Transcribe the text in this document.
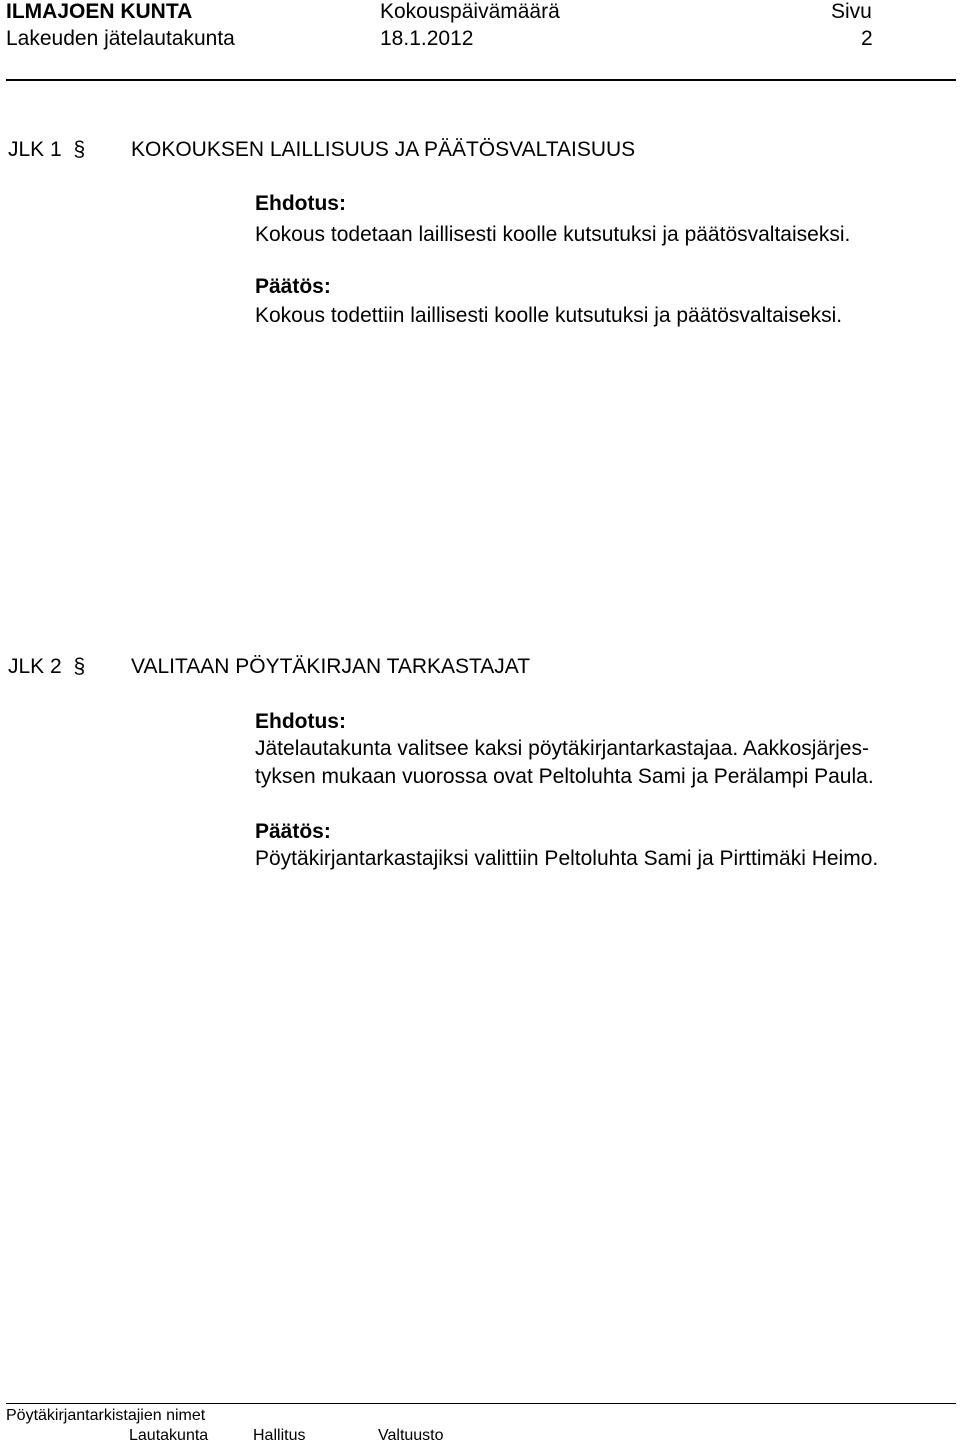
ILMAJOEN KUNTA
Lakeuden jätelautakunta
Kokouspäivämäärä
18.1.2012
Sivu
2
JLK 1 § KOKOUKSEN LAILLISUUS JA PÄÄTÖSVALTAISUUS
Ehdotus:
Kokous todetaan laillisesti koolle kutsutuksi ja päätösvaltaiseksi.
Päätös:
Kokous todettiin laillisesti koolle kutsutuksi ja päätösvaltaiseksi.
JLK 2 § VALITAAN PÖYTÄKIRJAN TARKASTAJAT
Ehdotus:
Jätelautakunta valitsee kaksi pöytäkirjantarkastajaa. Aakkosjärjes-
tyksen mukaan vuorossa ovat Peltoluhta Sami ja Perälampi Paula.
Päätös:
Pöytäkirjantarkastajiksi valittiin Peltoluhta Sami ja Pirttimäki Heimo.
Pöytäkirjantarkistajien nimet
Lautakunta	Hallitus	Valtuusto
